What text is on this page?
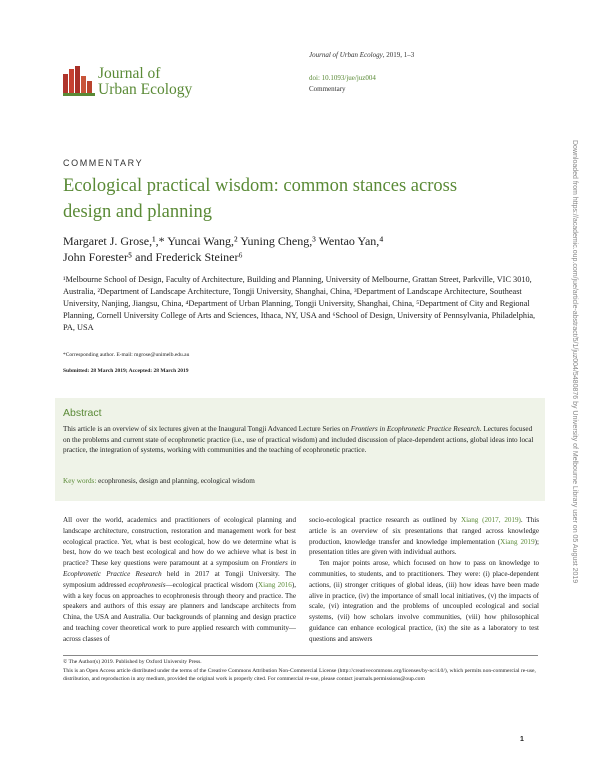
Journal of
Urban Ecology
Journal of Urban Ecology, 2019, 1–3
doi: 10.1093/jue/juz004
Commentary
COMMENTARY
Ecological practical wisdom: common stances across design and planning
Margaret J. Grose,¹,* Yuncai Wang,² Yuning Cheng,³ Wentao Yan,⁴
John Forester⁵ and Frederick Steiner⁶
¹Melbourne School of Design, Faculty of Architecture, Building and Planning, University of Melbourne, Grattan Street, Parkville, VIC 3010, Australia, ²Department of Landscape Architecture, Tongji University, Shanghai, China, ³Department of Landscape Architecture, Southeast University, Nanjing, Jiangsu, China, ⁴Department of Urban Planning, Tongji University, Shanghai, China, ⁵Department of City and Regional Planning, Cornell University College of Arts and Sciences, Ithaca, NY, USA and ⁶School of Design, University of Pennsylvania, Philadelphia, PA, USA
*Corresponding author. E-mail: mgrose@unimelb.edu.au
Submitted: 28 March 2019; Accepted: 28 March 2019
Abstract
This article is an overview of six lectures given at the Inaugural Tongji Advanced Lecture Series on Frontiers in Ecophronetic Practice Research. Lectures focused on the problems and current state of ecophronetic practice (i.e., use of practical wisdom) and included discussion of place-dependent actions, global ideas into local practice, the integration of systems, working with communities and the teaching of ecophronetic practice.
Key words: ecophronesis, design and planning, ecological wisdom

All over the world, academics and practitioners of ecological planning and landscape architecture, construction, restoration and management work for best ecological practice. Yet, what is best ecological, how do we determine what is best, how do we teach best ecological and how do we achieve what is best in practice? These key questions were paramount at a symposium on Frontiers in Ecophronetic Practice Research held in 2017 at Tongji University. The symposium addressed ecophronesis—ecological practical wisdom (Xiang 2016), with a key focus on approaches to ecophronesis through theory and practice. The speakers and authors of this essay are planners and landscape architects from China, the USA and Australia. Our backgrounds of planning and design practice and teaching cover theoretical work to pure applied research with community—across classes of

socio-ecological practice research as outlined by Xiang (2017, 2019). This article is an overview of six presentations that ranged across knowledge production, knowledge transfer and knowledge implementation (Xiang 2019); presentation titles are given with individual authors.

Ten major points arose, which focused on how to pass on knowledge to communities, to students, and to practitioners. They were: (i) place-dependent actions, (ii) stronger critiques of global ideas, (iii) how ideas have been made alive in practice, (iv) the importance of small local initiatives, (v) the impacts of scale, (vi) integration and the problems of uncoupled ecological and social systems, (vii) how scholars involve communities, (viii) how philosophical guidance can enhance ecological practice, (ix) the site as a laboratory to test questions and answers

© The Author(s) 2019. Published by Oxford University Press.
This is an Open Access article distributed under the terms of the Creative Commons Attribution Non-Commercial License (http://creativecommons.org/licenses/by-nc/4.0/), which permits non-commercial re-use, distribution, and reproduction in any medium, provided the original work is properly cited. For commercial re-use, please contact journals.permissions@oup.com
1
Downloaded from https://academic.oup.com/jue/article-abstract/5/1/juz004/5480876 by University of Melbourne Library user on 05 August 2019
